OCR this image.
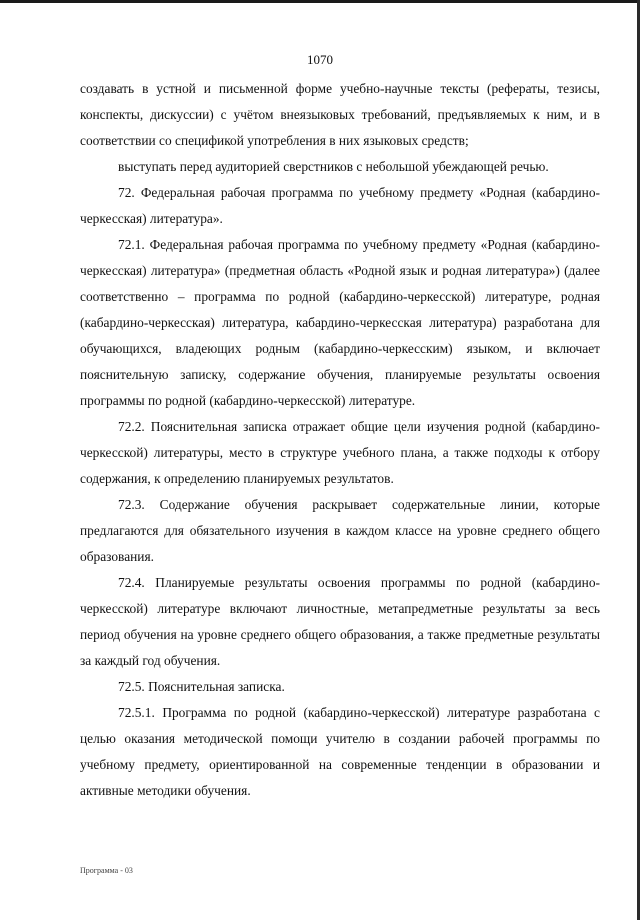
1070

создавать в устной и письменной форме учебно-научные тексты (рефераты, тезисы, конспекты, дискуссии) с учётом внеязыковых требований, предъявляемых к ним, и в соответствии со спецификой употребления в них языковых средств;

выступать перед аудиторией сверстников с небольшой убеждающей речью.

72. Федеральная рабочая программа по учебному предмету «Родная (кабардино-черкесская) литература».

72.1. Федеральная рабочая программа по учебному предмету «Родная (кабардино-черкесская) литература» (предметная область «Родной язык и родная литература») (далее соответственно – программа по родной (кабардино-черкесской) литературе, родная (кабардино-черкесская) литература, кабардино-черкесская литература) разработана для обучающихся, владеющих родным (кабардино-черкесским) языком, и включает пояснительную записку, содержание обучения, планируемые результаты освоения программы по родной (кабардино-черкесской) литературе.

72.2. Пояснительная записка отражает общие цели изучения родной (кабардино-черкесской) литературы, место в структуре учебного плана, а также подходы к отбору содержания, к определению планируемых результатов.

72.3. Содержание обучения раскрывает содержательные линии, которые предлагаются для обязательного изучения в каждом классе на уровне среднего общего образования.

72.4. Планируемые результаты освоения программы по родной (кабардино-черкесской) литературе включают личностные, метапредметные результаты за весь период обучения на уровне среднего общего образования, а также предметные результаты за каждый год обучения.

72.5. Пояснительная записка.

72.5.1. Программа по родной (кабардино-черкесской) литературе разработана с целью оказания методической помощи учителю в создании рабочей программы по учебному предмету, ориентированной на современные тенденции в образовании и активные методики обучения.

Программа - 03
